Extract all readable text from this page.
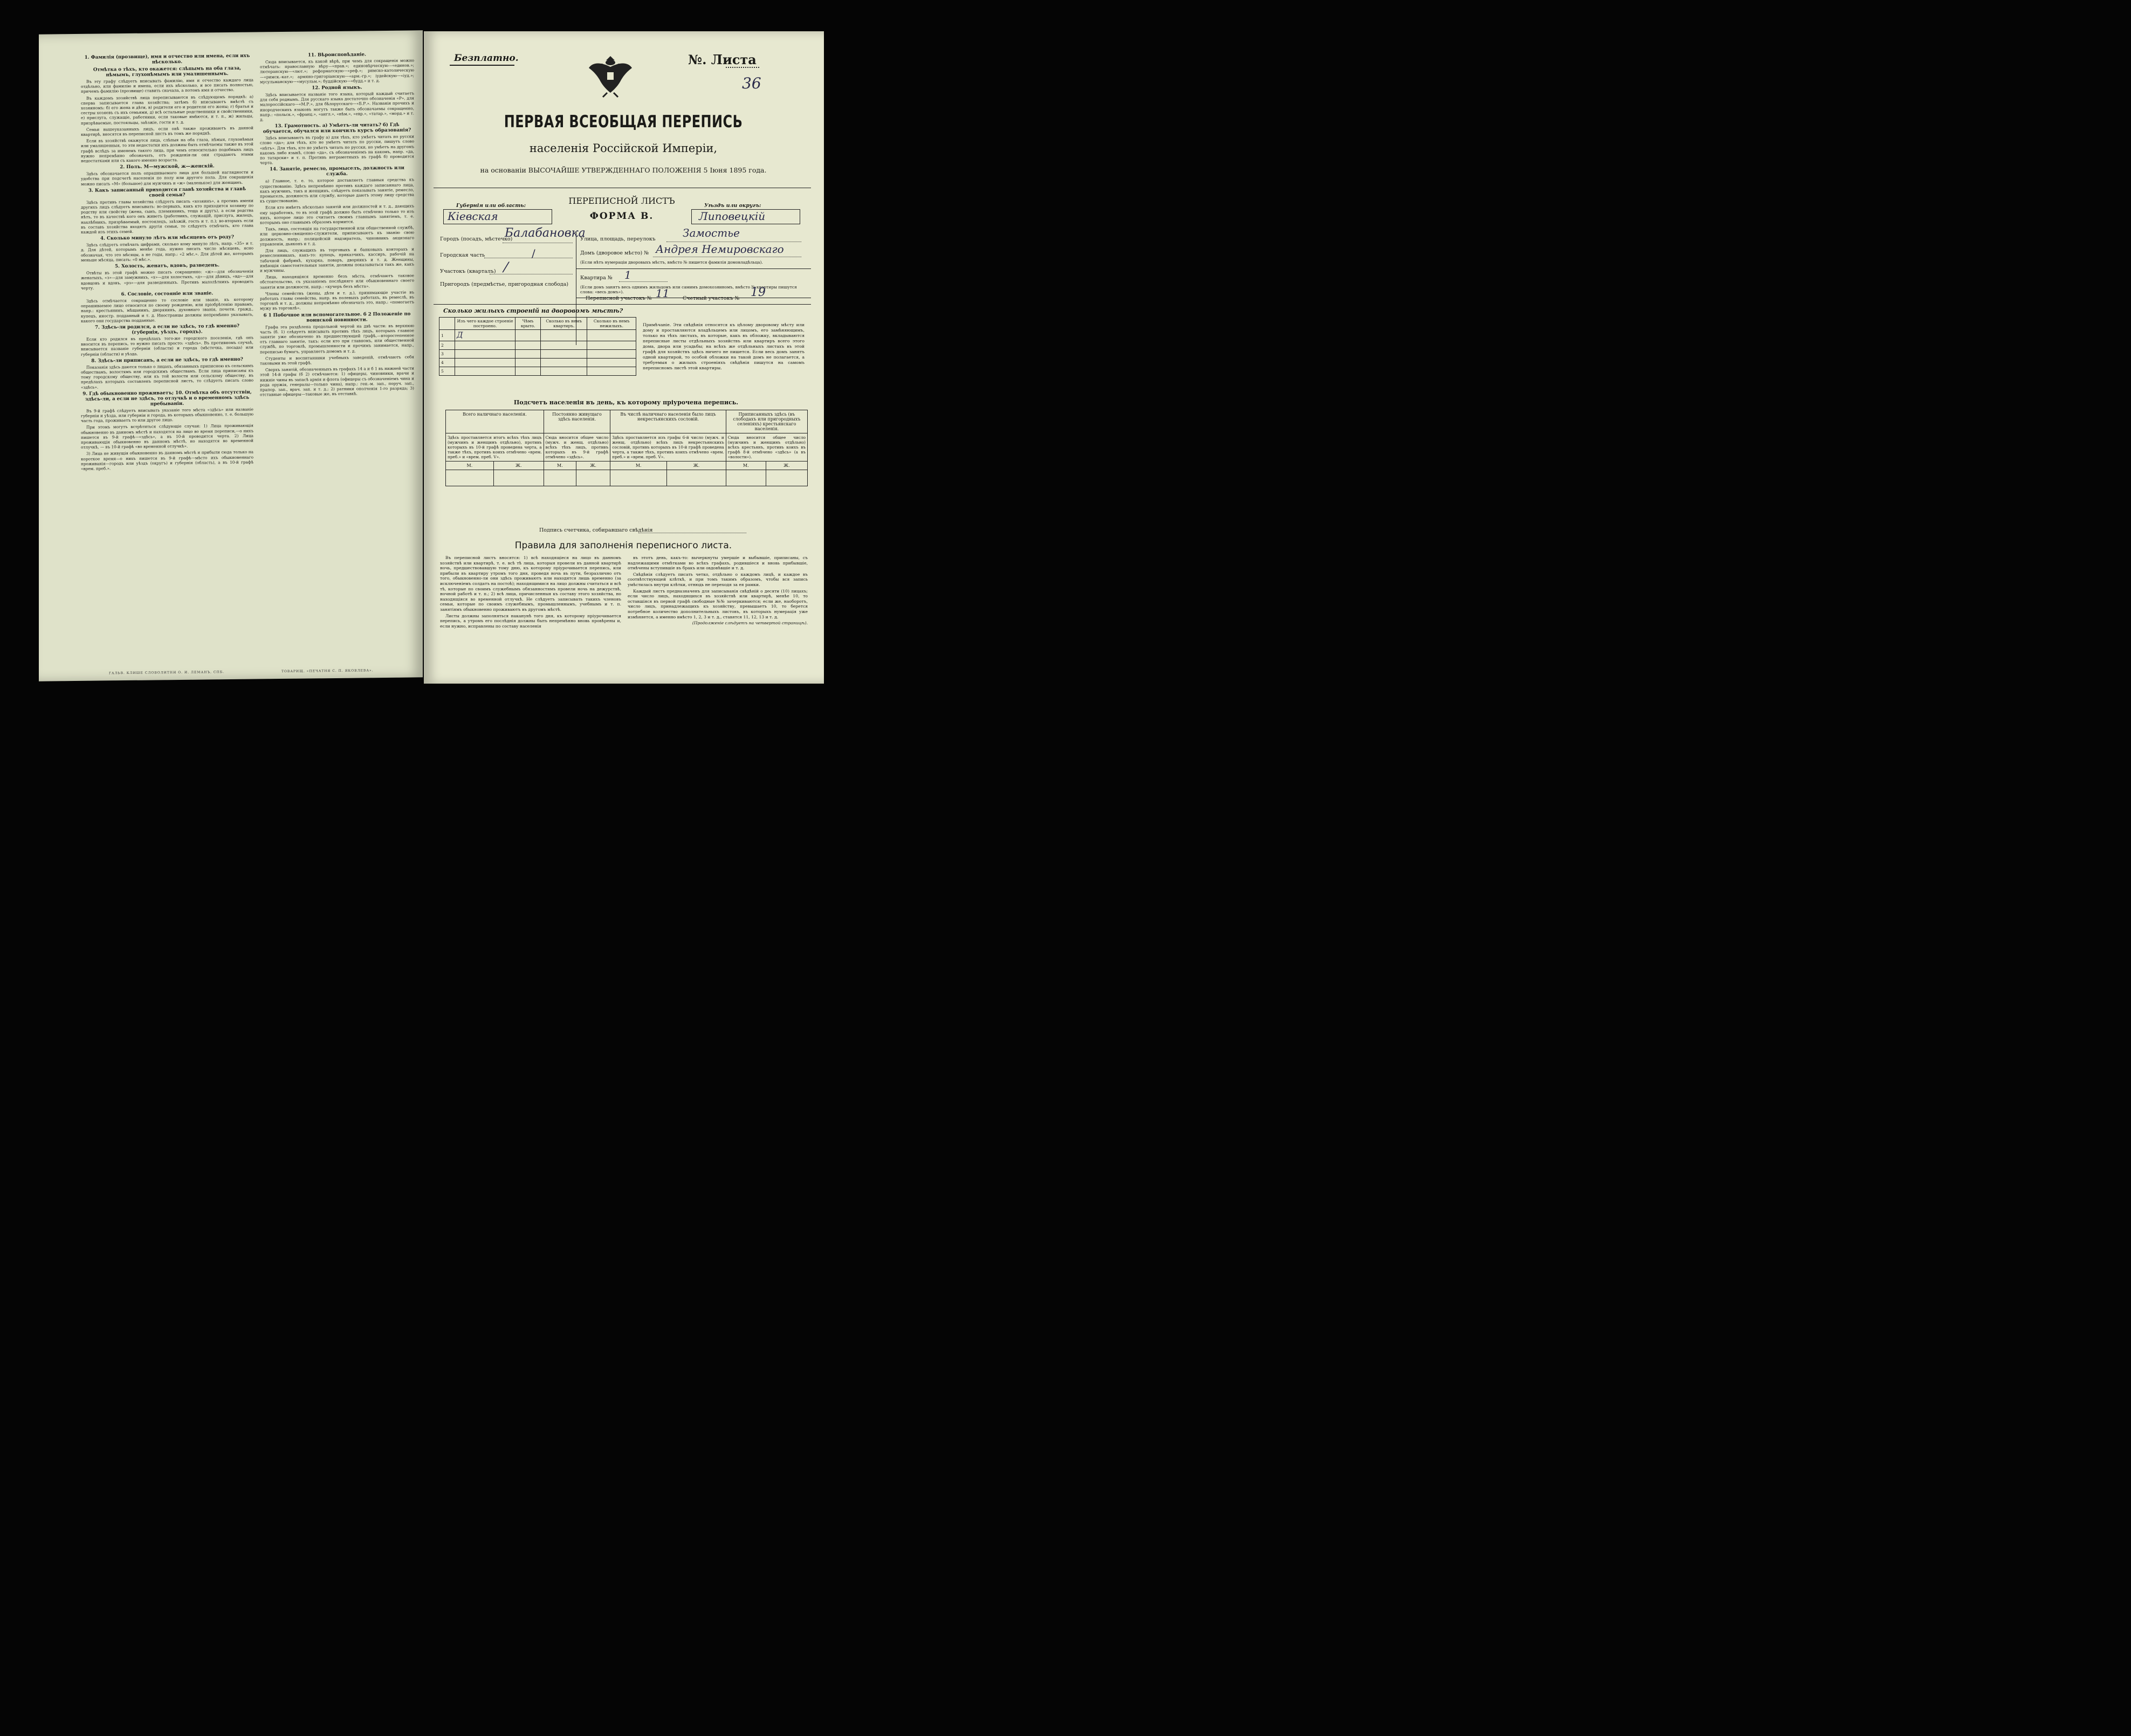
1. Фамилія (прозвище), имя и отчество или имена, если ихъ нѣсколько.
Отмѣтка о тѣхъ, кто окажется: слѣпымъ на оба глаза, нѣмымъ, глухонѣмымъ или умалишеннымъ.

Въ эту графу слѣдуетъ вписывать фамилію, имя и отчество каждаго лица отдѣльно, или фамилію и имена, если ихъ нѣсколько, и все писать полностью, причемъ фамилію (прозвище) ставить сначала, а потомъ имя и отчество.

Въ каждомъ хозяйствѣ лица переписываются въ слѣдующемъ порядкѣ: а) сперва записывается глава хозяйства; затѣмъ б) вписываютъ вмѣстѣ съ хозяиномъ: б) его жена и дѣти, в) родители его и родители его жены; г) братья и сестры хозяевъ съ ихъ семьями, д) всѣ остальные родственники и свойственники, е) прислуга, служащіе, работники, если таковые имѣются, и т. п., ж) жильцы, призрѣваемые, постояльцы, заѣзжіе, гости и т. д.

Семьи вышеуказанныхъ лицъ, если онѣ также проживаютъ въ данной квартирѣ, вносятся въ переписной листъ въ томъ же порядкѣ.

Если въ хозяйствѣ окажутся лица, слѣпыя на оба глаза, нѣмыя, глухонѣмыя или умалишенныя, то эти недостатки ихъ должны быть отмѣчаемы также въ этой графѣ вслѣдъ за именемъ такого лица, при чемъ относительно подобныхъ лицъ нужно непремѣнно обозначать, отъ рожденія-ли они страдаютъ этими недостатками или съ какого именно возраста.

2. Полъ. М—мужской, ж—женскій.

Здѣсь обозначается полъ опрашиваемаго лица для большей наглядности и удобства при подсчетѣ населенія по полу или другого пола. Для сокращенія можно писать «М» (большое) для мужчинъ и «ж» (маленькое) для женщинъ.

3. Какъ записанный приходится главѣ хозяйства и главѣ своей семьи?

Здѣсь противъ главы хозяйства слѣдуетъ писать «хозяинъ», а противъ имени другихъ лицъ слѣдуетъ вписывать: во-первыхъ, какъ кто приходится хозяину по родству или свойству (жена, сынъ, племянникъ, теща и другъ), а если родства нѣтъ, то въ качествѣ кого онъ живетъ (работникъ, служащій, прислуга, жилецъ, нахлѣбникъ, призрѣваемый, постоялецъ, заѣзжій, гость и т. п.); во-вторыхъ если въ составъ хозяйства входятъ другія семьи, то слѣдуетъ отмѣчать, кто глава каждой изъ этихъ семей.

4. Сколько минуло лѣтъ или мѣсяцевъ отъ роду?

Здѣсь слѣдуетъ отмѣчать цифрами, сколько кому минуло лѣтъ, напр. «35» и т. д. Для дѣтей, которымъ менѣе года, нужно писать число мѣсяцевъ, ясно обозначая, что это мѣсяцы, а не годы, напр.: «2 мѣс.». Для дѣтей же, которымъ меньше мѣсяца, писать: «0 мѣс.».

5. Холость, женатъ, вдовъ, разведенъ.

Отвѣты въ этой графѣ можно писать сокращенно: «ж»—для обозначенія женатыхъ, «з»—для замужнихъ, «х»—для холостыхъ, «д»—для дѣвицъ, «вд»—для вдовцовъ и вдовъ, «рз»—для разведенныхъ. Противъ малолѣтнихъ проводить черту.

6. Сословіе, состояніе или званіе.

Здѣсь отмѣчается сокращенно то сословіе или званіе, къ которому опрашиваемое лицо относится по своему рожденію, или пріобрѣтенію правамъ, напр.: крестьянинъ, мѣщанинъ, дворянинъ, духовнаго званія, почетн. гражд., купецъ, иностр. подданный и т. д. Иностранцы должны непремѣнно указывать, какого они государства подданные.

7. Здѣсь-ли родился, а если не здѣсь, то гдѣ именно? (губернія, уѣздъ, городъ).

Если кто родился въ предѣлахъ того-же городского поселенія, гдѣ онъ вносится въ перепись, то нужно писать просто: «здѣсь». Въ противномъ случаѣ, вписывается названіе губерніи (области) и города (мѣстечка, посада) или губерніи (области) и уѣзда.

8. Здѣсь-ли приписанъ, а если не здѣсь, то гдѣ именно?

Показанія здѣсь даются только о лицахъ, обязанныхъ приписною къ сельскимъ обществамъ, волостямъ или городскимъ обществамъ. Если лица приписаны къ тому городскому обществу, или къ той волости или сельскому обществу, въ предѣлахъ которыхъ составленъ переписной листъ, то слѣдуетъ писать слово «здѣсь».

9. Гдѣ обыкновенно проживаетъ; 10. Отмѣтка объ отсутствіи, здѣсь-ли, а если не здѣсь, то отлучкѣ и о временномъ здѣсь пребываніи.

Въ 9-й графѣ слѣдуетъ вписывать указаніе того мѣста «здѣсь» или названіе губерніи и уѣзда, или губерніи и города, въ которыхъ обыкновенно, т. е. большую часть года, проживаетъ то или другое лицо.

При этомъ могутъ встрѣтиться слѣдующіе случаи: 1) Лица проживающія обыкновенно въ данномъ мѣстѣ и находятся на лицо во время переписи,—о нихъ пишется въ 9-й графѣ—«здѣсь», а въ 10-й проводится черта. 2) Лица проживающія обыкновенно въ данномъ мѣстѣ, но находятся во временной отлучкѣ, — въ 10-й графѣ «во временной отлучкѣ».

3) Лица не живущія обыкновенно въ данномъ мѣстѣ и прибыли сюда только на короткое время—о нихъ пишется въ 9-й графѣ—мѣсто ихъ обыкновеннаго проживанія—городъ или уѣздъ (округъ) и губернія (область), а въ 10-й графѣ «врем. преб.».

11. Вѣроисповѣданіе.

Сюда вписывается, къ какой вѣрѣ, при чемъ для сокращенія можно отмѣчать: православную вѣру—«прав.»; единовѣрческую—«единов.»; лютеранскую—«лют.»; реформатскую—«реф.»; римско-католическую—«римск.-кат.»; армяно-григоріанскую—«арм.-гр.»; іудейскую—«іуд.»; мусульманскую—«мусульм.»; буддійскую—«будд.» и т. д.

12. Родной языкъ.

Здѣсь вписывается названіе того языка, который каждый считаетъ для себя роднымъ. Для русскаго языка достаточно обозначенія «Р», для малороссійскаго—«М.Р.», для бѣлорусскаго—«Б.Р.». Названія прочихъ и инородческихъ языковъ могутъ также быть обозначаемы сокращенно, напр.: «польск.», «франц.», «англ.», «нѣм.», «евр.», «татар.», «морд.» и т. д.

13. Грамотность. а) Умѣетъ-ли читать? б) Гдѣ обучается, обучался или кончилъ курсъ образованія?

Здѣсь вписываютъ въ графу а) для тѣхъ, кто умѣетъ читать по русски слово «да»; для тѣхъ, кто не умѣетъ читать по русски, пишутъ слово «нѣтъ». Для тѣхъ, кто не умѣетъ читать по русски, но умѣетъ на другомъ какомъ либо языкѣ, слово «да», съ обозначеніемъ на какомъ, напр. «да, по татарски» и т. п. Противъ неграмотныхъ въ графѣ б) проводится черта.

14. Занятіе, ремесло, промыселъ, должность или служба.

а) Главное, т. е. то, которое доставляетъ главныя средства къ существованію. Здѣсь непремѣнно противъ каждаго записаннаго лица, какъ мужчинъ, такъ и женщинъ, слѣдуетъ показывать занятіе, ремесло, промыселъ, должность или службу, которые даютъ этому лицу средства къ существованію.

Если кто имѣетъ нѣсколько занятій или должностей и т. д., дающихъ ему заработокъ, то въ этой графѣ должно быть отмѣчено только то изъ нихъ, которое лицо это считаетъ своимъ главнымъ занятіемъ, т. е. которымъ оно главнымъ образомъ кормится.

Такъ, лица, состоящія на государственной или общественной службѣ, или церковно-священно-служители, приписываютъ къ званію свою должность, напр.: полицейскій надзиратель, чиновникъ акцизнаго управленія, дьяконъ и т. д.

Для лицъ, служащихъ въ торговыхъ и банковыхъ конторахъ и ремесленникахъ, какъ-то: купецъ, приказчикъ, кассиръ, рабочій на табачной фабрикѣ, кухарка, поваръ, дворникъ и т. д. Женщины, имѣющія самостоятельныя занятія, должны показываться такъ же, какъ и мужчины.

Лица, находящіяся временно безъ мѣста, отмѣчаютъ таковое обстоятельство, съ указаніемъ послѣдняго или обыкновеннаго своего занятія или должности, напр.: «кучеръ безъ мѣста».

Члены семействъ (жены, дѣти и т. д.), принимающіе участіе въ работахъ главы семейства, напр. въ полевыхъ работахъ, въ ремеслѣ, въ торговлѣ и т. д., должны непремѣнно обозначать это, напр.: «помогаетъ мужу въ торговлѣ».

6 1 Побочное или вспомогательное. б 2 Положеніе по воинской повинности.

Графа эта раздѣлена продольной чертой на двѣ части: въ верхнюю часть (б. 1) слѣдуетъ вписывать противъ тѣхъ лицъ, которыхъ главное занятіе уже обозначено въ предшествующей графѣ,—второстепенное отъ главнаго занятіе, такъ: если кто при главномъ, или общественной службѣ, по торговлѣ, промышленности и прочимъ занимается, напр., переписью бумагъ, управляетъ домомъ и т. д.

Студенты и воспитанники учебныхъ заведеній, отмѣчаютъ себя таковыми въ этой графѣ.

Сверхъ занятій, обозначенныхъ въ графахъ 14 а и б 1 въ нижней части этой 14-й графы (б 2) отмѣчаются: 1) офицеры, чиновники, врачи и нижніе чины въ запасѣ армія и флота (офицеры съ обозначеніемъ чина и рода оружія, генералы—только чина), напр.: ген.-м. зап., поруч. зап., прапор. зап., врач. зап. и т. д.; 2) ратники ополченія 1-го разряда; 3) отставные офицеры—таковые же, въ отставкѣ.

ГАЛЬВ. КЛИШЕ СЛОВОЛИТНИ О. И. ЛЕМАНЪ, СПБ.	ТОВАРИЩ. «ПЕЧАТНЯ С. П. ЯКОВЛЕВА».
Безплатно.	№. Листа
36
ПЕРВАЯ ВСЕОБЩАЯ ПЕРЕПИСЬ
населенія Россійской Имперіи,
на основаніи ВЫСОЧАЙШЕ УТВЕРЖДЕННАГО ПОЛОЖЕНІЯ 5 Іюня 1895 года.
Губернія или область:
Кіевская
ПЕРЕПИСНОЙ ЛИСТЪ
ФОРМА В.
Уѣздъ или округъ:
Липовецкій
Городъ (посадъ, мѣстечко)
Балабановка
Городская часть	/
Участокъ (кварталъ) ⁄
Пригородъ (предмѣстье, пригородная слобода)
Улица, площадь, переулокъ	Замостье
Домъ (дворовое мѣсто) № Андрея Немировскаго
(Если нѣтъ нумераціи дворовыхъ мѣстъ, вмѣсто № пишется фамилія домовладѣльца).
Квартира № 1
(Если домъ занятъ весь однимъ жильцомъ или самимъ домохозяиномъ, вмѣсто № квартиры пишутся слова: «весь домъ»).
Переписной участокъ № 11	Счетный участокъ № 19
Сколько жилыхъ строеній на дворовомъ мѣстѣ?
	Изъ чего каждое строеніе построено.	Чѣмъ крыто.	Сколько въ немъ квартиръ.	Сколько въ немъ нежилыхъ.
1	Д			
2				
3				
4				
5				
Примѣчаніе. Эти свѣдѣнія относятся къ цѣлому дворовому мѣсту или дому и проставляются владѣльцемъ или лицомъ, его замѣняющимъ, только на тѣхъ листахъ, въ которые, какъ въ обложку, вкладываются переписные листы отдѣльныхъ хозяйствъ или квартиръ всего этого дома, двора или усадьбы; на всѣхъ же отдѣльныхъ листахъ въ этой графѣ для хозяйствъ здѣсь ничего не пишется. Если весь домъ занятъ одной квартирой, то особой обложки на такой домъ не полагается, а требуемыя о жилыхъ строеніяхъ свѣдѣнія пишутся на самомъ переписномъ листѣ этой квартиры.
Подсчетъ населенія въ день, къ которому пріурочена перепись.
Всего наличнаго населенія.		Постоянно живущаго здѣсь населенія.		Въ числѣ наличнаго населенія было лицъ некрестьянскихъ сословій.		Приписанныхъ здѣсь (въ слободахъ или пригородныхъ селеніяхъ) крестьянскаго населенія.	
Здѣсь проставляется итогъ всѣхъ тѣхъ лицъ (мужчинъ и женщинъ отдѣльно), противъ которыхъ въ 10-й графѣ проведена черта, а также тѣхъ, противъ коихъ отмѣчено «врем. преб.» и «врем. преб. V».		Сюда вносится общее число (мужч. и женщ. отдѣльно) всѣхъ тѣхъ лицъ, противъ которыхъ въ 9-й графѣ отмѣчено «здѣсь».		Здѣсь проставляется изъ графы 6-й число (мужч. и женщ. отдѣльно) всѣхъ лицъ некрестьянскихъ сословій, противъ которыхъ въ 10-й графѣ проведена черта, а также тѣхъ, противъ коихъ отмѣчено «врем. преб.» и «врем. преб. V».		Сюда вносится общее число (мужчинъ и женщинъ отдѣльно) всѣхъ крестьянъ, противъ коихъ въ графѣ 8-й отмѣчено «здѣсь» (а въ «волости»).	
М.	Ж.	М.	Ж.	М.	Ж.	М.	Ж.

Подпись счетчика, собиравшаго свѣдѣнія
Правила для заполненія переписного листа.

Въ переписной листъ вносятся: 1) всѣ находящіеся на лицо въ данномъ хозяйствѣ или квартирѣ, т. е. всѣ тѣ лица, которыя провели въ данной квартирѣ ночь, предшествовавшую тому дню, къ которому пріурочивается перепись, или прибыли въ квартиру утромъ того дня, проведя ночь въ пути, безразлично отъ того, обыкновенно-ли они здѣсь проживаютъ или находятся лишь временно (за исключеніемъ солдатъ на постоѣ); находящимися на лицо должны считаться и всѣ тѣ, которые по своимъ служебнымъ обязанностямъ провели ночь на дежурствѣ, ночной работѣ и т. п.; 2) всѣ лица, причисленныя къ составу этого хозяйства, но находящіяся во временной отлучкѣ. Не слѣдуетъ записывать такихъ членовъ семьи, которые по своимъ служебнымъ, промышленнымъ, учебнымъ и т. п. занятіямъ обыкновенно проживаютъ въ другомъ мѣстѣ.

Листы должны заполняться наканунѣ того дня, къ которому пріурочивается перепись, а утромъ его послѣднія должны быть непремѣнно вновь провѣрены и, если нужно, исправлены по составу населенія

въ этотъ день, какъ-то: вычеркнуты умершіе и выбывшіе, приписаны, съ надлежащими отмѣтками во всѣхъ графахъ, родившіеся и вновь прибывшіе, отмѣчены вступившіе въ бракъ или овдовѣвшіе и т. д.

Свѣдѣнія слѣдуетъ писать четко, отдѣльно о каждомъ лицѣ, и каждое въ соотвѣтствующей клѣткѣ, и при томъ такимъ образомъ, чтобы вся запись умѣстилась внутри клѣтки, отнюдь не переходя за ея рамки.

Каждый листъ предназначенъ для записыванія свѣдѣній о десяти (10) лицахъ; если число лицъ, находящихся въ хозяйствѣ или квартирѣ, менѣе 10, то оставшіяся въ первой графѣ свободные №№ зачеркиваются; если же, наоборотъ, число лицъ, принадлежащихъ къ хозяйству, превышаетъ 10, то берется потребное количество дополнительныхъ листовъ, въ которыхъ нумерація уже измѣняется, а именно вмѣсто 1, 2, 3 и т. д., ставятся 11, 12, 13 и т. д.

(Продолженіе слѣдуетъ на четвертой страницѣ).
